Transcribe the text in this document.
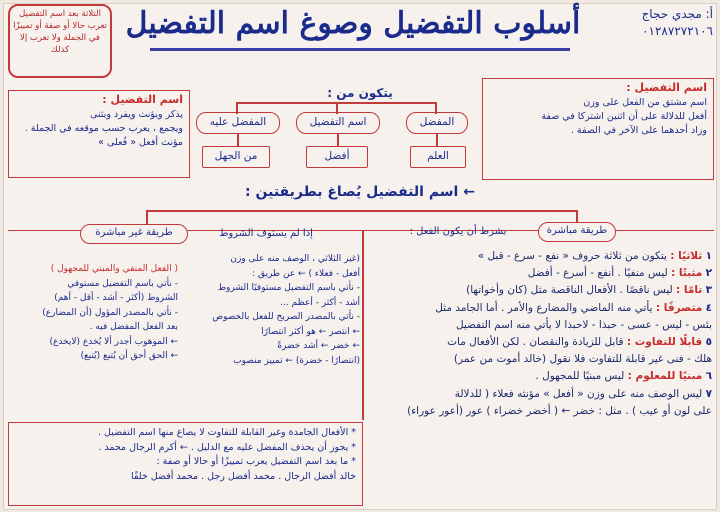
أ: مجدي حجاج
٠١٢٨٧٢٧٢١٠٦
أسلوب التفضيل وصوغ اسم التفضيل
الثلاثة بعد اسم التفضيل تعرب حالا أو صفة أو تمييزًا في الجملة ولا تعرب إلا كذلك
اسم التفضيل :
اسم مشتق من الفعل على وزن
أفعل للدلالة على أن اثنين اشتركا في صفة
وزاد أحدهما على الآخر في الصفة .
اسم التفضيل :
يذكر ويؤنث ويفرد ويثنى
ويجمع ، يعرب حسب موقعه في الجملة .
مؤنث أفعل « فُعلى »
يتكون من :
المفضل
اسم التفضيل
المفضل عليه
العلم
أفضل
من الجهل
← اسم التفضيل يُصاغ بطريقتين :
طريقة مباشرة
بشرط أن يكون الفعل :
طريقة غير مباشرة	إذا لم يستوف الشروط
١ ثلاثيًا : يتكون من ثلاثة حروف « نفع - سرع - قبل »
٢ مثبتًا : ليس منفيًا . أنفع - أسرع - أفضل
٣ تامًا : ليس ناقصًا . الأفعال الناقصة مثل (كان وأخواتها)
٤ متصرفًا : يأتي منه الماضي والمضارع والأمر . أما الجامد مثل
بئس - ليس - عسى - حبذا - لاحبذا لا يأتي منه اسم التفضيل
٥ قابلًا للتفاوت : قابل للزيادة والنقصان . لكن الأفعال مات
هلك - فنى غير قابلة للتفاوت فلا نقول (خالد أموت من عمر)
٦ مبنيًا للمعلوم : ليس مبنيًا للمجهول .
٧ ليس الوصف منه على وزن « أفعل » مؤنثه فعلاء ( للدلالة
على لون أو عيب ) . مثل : خضر ← ( أخضر خضراء ) عور (أعور عوراء)
(غير الثلاثي ، الوصف منه على وزن
أفعل - فعلاء ) ← عن طريق :
- نأتي باسم التفضيل مستوفيًا الشروط
أشد - أكثر - أعظم ...
- نأتي بالمصدر الصريح للفعل بالخصوص
← انتصر ← هو أكثر انتصارًا
← خضر ← أشد خضرةً
(انتصارًا - خضرة) ← تمييز منصوب
( الفعل المنفي والمبني للمجهول )
- نأتي باسم التفضيل مستوفي
الشروط (أكثر - أشد - أقل - أهم)
- نأتي بالمصدر المؤول (أن المضارع)
بعد الفعل المفضل فيه .
← الموهوب أجدر ألا يُخدع (لايخدع)
← الحق أحق أن يُتبع (يُتبع)
* الأفعال الجامدة وغير القابلة للتفاوت لا يصاغ منها اسم التفضيل .
* يجوز أن يحذف المفضل عليه مع الدليل . ← أكرم الرجال محمد .
* ما بعد اسم التفضيل يعرب تمييزًا أو حالا أو صفة :
خالد أفضل الرجال . محمد أفضل رجل . محمد أفضل خلقًا
